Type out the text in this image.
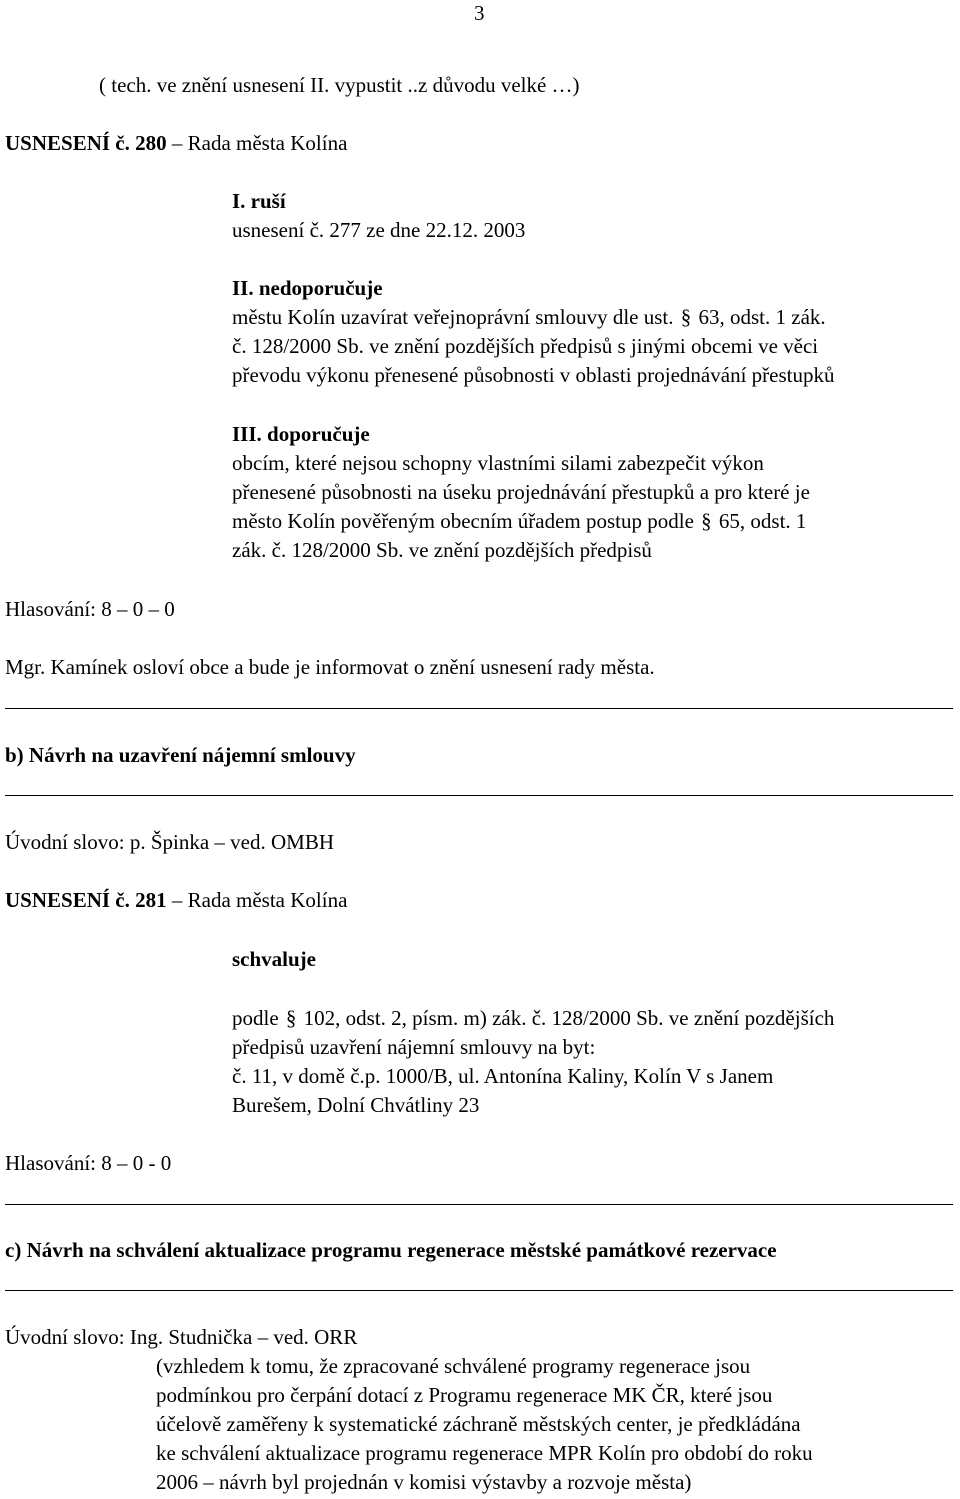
3
( tech. ve znění usnesení II. vypustit ..z důvodu velké …)
USNESENÍ č. 280 – Rada města Kolína
I. ruší
usnesení č. 277 ze dne 22.12. 2003
II. nedoporučuje
městu Kolín uzavírat veřejnoprávní smlouvy dle ust. § 63, odst. 1 zák.
č. 128/2000 Sb. ve znění pozdějších předpisů s jinými obcemi ve věci
převodu výkonu přenesené působnosti v oblasti projednávání přestupků
III. doporučuje
obcím, které nejsou schopny vlastními silami zabezpečit výkon
přenesené působnosti na úseku projednávání přestupků a pro které je
město Kolín pověřeným obecním úřadem postup podle § 65, odst. 1
zák. č. 128/2000 Sb. ve znění pozdějších předpisů
Hlasování: 8 – 0 – 0
Mgr. Kamínek osloví obce a bude je informovat o znění usnesení rady města.
b) Návrh na uzavření nájemní smlouvy
Úvodní slovo: p. Špinka – ved. OMBH
USNESENÍ č. 281 – Rada města Kolína
schvaluje
podle § 102, odst. 2, písm. m) zák. č. 128/2000 Sb. ve znění pozdějších
předpisů uzavření nájemní smlouvy na byt:
č. 11, v domě č.p. 1000/B, ul. Antonína Kaliny, Kolín V s Janem
Burešem, Dolní Chvátliny 23
Hlasování: 8 – 0 - 0
c) Návrh na schválení aktualizace programu regenerace městské památkové rezervace
Úvodní slovo: Ing. Studnička – ved. ORR
(vzhledem k tomu, že zpracované schválené programy regenerace jsou
podmínkou pro čerpání dotací z Programu regenerace MK ČR, které jsou
účelově zaměřeny k systematické záchraně městských center, je předkládána
ke schválení aktualizace programu regenerace MPR Kolín pro období do roku
2006 – návrh byl projednán v komisi výstavby a rozvoje města)
